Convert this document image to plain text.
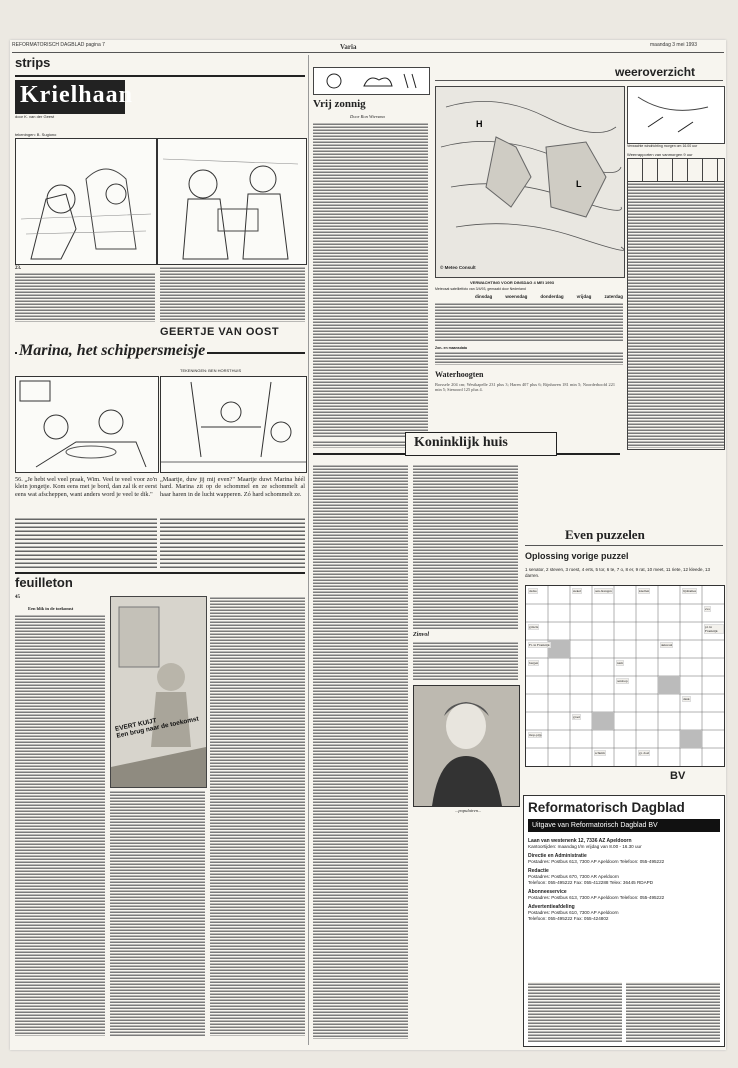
REFORMATORISCH DAGBLAD pagina 7	Varia	maandag 3 mei 1993
strips
Krielhaan
door K. van der Geest
tekeningen: B. Sugiono
23.
GEERTJE VAN OOST
Marina, het schippersmeisje
TEKENINGEN: BEN HORSTHUIS
56. „Je hebt wel veel praak, Wim. Veel te veel voor zo'n klein jongetje. Kom eens met je bord, dan zal ik er eerst eens wat afscheppen, want anders word je veel te dik."
„Maartje, duw jij mij even?" Maartje duwt Marina héél hard. Marina zit op de schommel en ze schommelt al haar haren in de lucht wapperen. Zó hard schommelt ze.
feuilleton
45
Een blik in de toekomst
EVERT KUIJT
Een brug naar de toekomst
Vrij zonnig
Door Ron Wiersma
weeroverzicht
H
L
© Meteo Consult
Verwachte windrichting morgen om 16.00 uur
Weerrapporten van vanmorgen 9 uur
VERWACHTING VOOR DINSDAG 4 MEI 1993
Meteosat satellietfoto van 3/4/93, gemaakt door Nederland
dinsdag	woensdag	donderdag	vrijdag	zaterdag
Zon- en maansdata
Waterhoogten
Borssele 204 cm; Westkapelle 231 plus 3; Haren 407 plus 6; Rijnhaven 181 min 5; Noorderhoofd 221 min 5; Stenoord 125 plus 4.
Koninklijk huis
Zinvol
...populairen...
Even puzzelen
Oplossing vorige puzzel
1 senator, 2 steven, 3 roest, 4 erts, 5 tor, 6 te, 7 o, 8 er, 9 rat, 10 meet, 11 riete, 12 kleede, 13 darren.
dedas	stekel	aan-brengen	knollen	lijdzamee
eva
grizzle	pl. in Frankrijk
Fr. in Frankrijk	akkwaal
bergen	nam
aanloop
dank
groei
mop-pijp
schuim	gr. doel
BV
Reformatorisch Dagblad
Uitgave van Reformatorisch Dagblad BV
Laan van westenenk 12, 7336 AZ Apeldoorn
Kantoortijden: maandag t/m vrijdag van 8.00 - 16.30 uur
Directie en Administratie
Postadres: Postbus 613, 7300 AP Apeldoorn Telefoon: 055-495222
Redactie
Postadres: Postbus 670, 7300 AR Apeldoorn
Telefoon: 055-495222 Fax: 055-412288 Telex: 36445 RDAPD
Abonneeservice
Postadres: Postbus 613, 7300 AP Apeldoorn Telefoon: 055-495222
Advertentieafdeling
Postadres: Postbus 610, 7300 AP Apeldoorn
Telefoon: 055-495222 Fax: 055-424802
